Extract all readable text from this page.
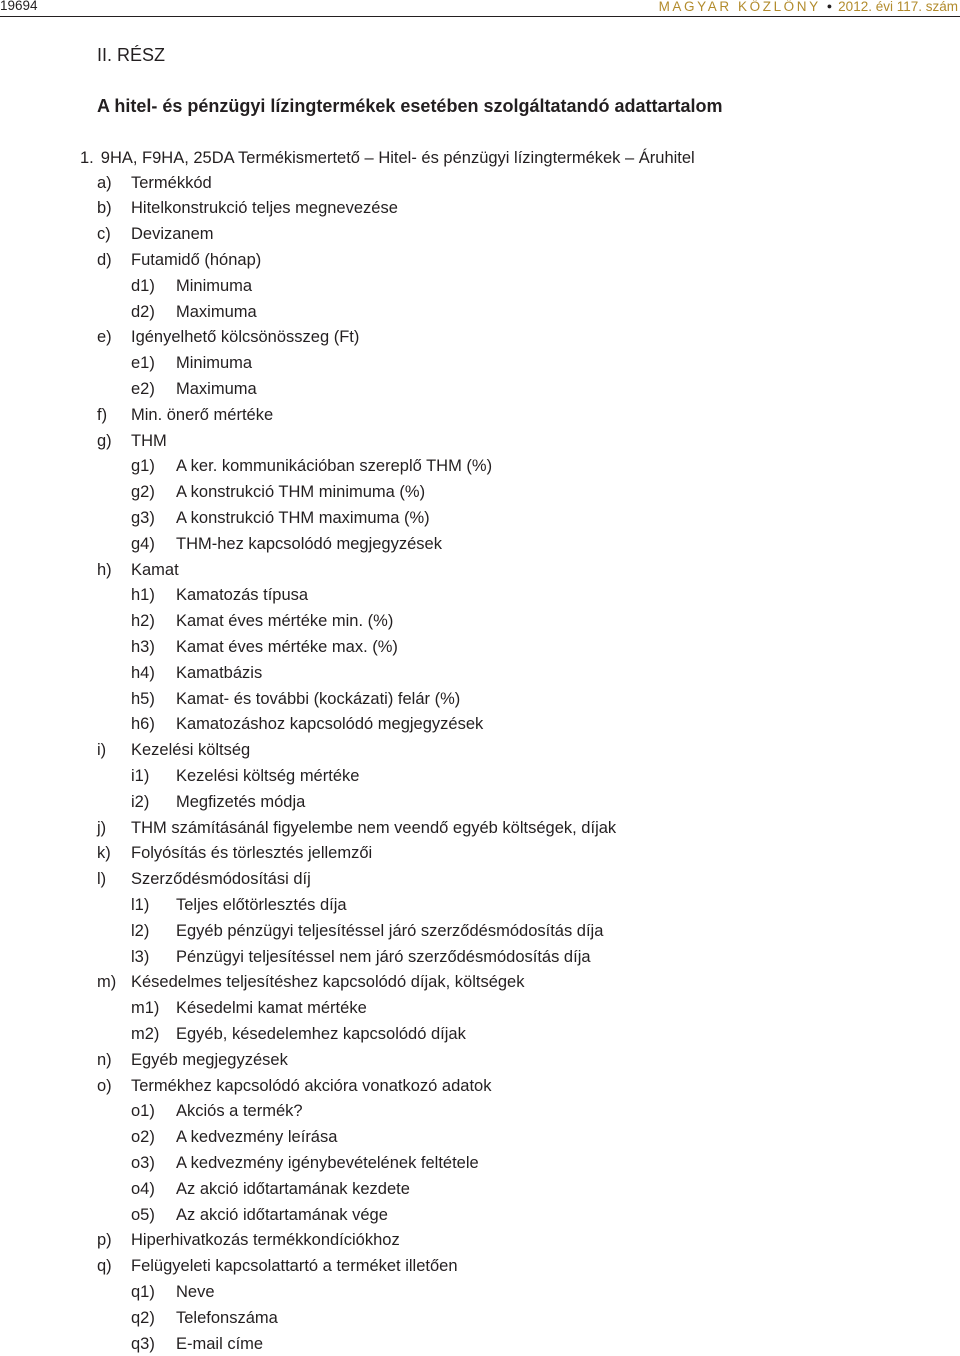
19694	MAGYAR KÖZLÖNY ● 2012. évi 117. szám
II. RÉSZ
A hitel- és pénzügyi lízingtermékek esetében szolgáltatandó adattartalom
1. 9HA, F9HA, 25DA Termékismertető – Hitel- és pénzügyi lízingtermékek – Áruhitel
a) Termékkód
b) Hitelkonstrukció teljes megnevezése
c) Devizanem
d) Futamidő (hónap)
d1) Minimuma
d2) Maximuma
e) Igényelhető kölcsönösszeg (Ft)
e1) Minimuma
e2) Maximuma
f) Min. önerő mértéke
g) THM
g1) A ker. kommunikációban szereplő THM (%)
g2) A konstrukció THM minimuma (%)
g3) A konstrukció THM maximuma (%)
g4) THM-hez kapcsolódó megjegyzések
h) Kamat
h1) Kamatozás típusa
h2) Kamat éves mértéke min. (%)
h3) Kamat éves mértéke max. (%)
h4) Kamatbázis
h5) Kamat- és további (kockázati) felár (%)
h6) Kamatozáshoz kapcsolódó megjegyzések
i) Kezelési költség
i1) Kezelési költség mértéke
i2) Megfizetés módja
j) THM számításánál figyelembe nem veendő egyéb költségek, díjak
k) Folyósítás és törlesztés jellemzői
l) Szerződésmódosítási díj
l1) Teljes előtörlesztés díja
l2) Egyéb pénzügyi teljesítéssel járó szerződésmódosítás díja
l3) Pénzügyi teljesítéssel nem járó szerződésmódosítás díja
m) Késedelmes teljesítéshez kapcsolódó díjak, költségek
m1) Késedelmi kamat mértéke
m2) Egyéb, késedelemhez kapcsolódó díjak
n) Egyéb megjegyzések
o) Termékhez kapcsolódó akcióra vonatkozó adatok
o1) Akciós a termék?
o2) A kedvezmény leírása
o3) A kedvezmény igénybevételének feltétele
o4) Az akció időtartamának kezdete
o5) Az akció időtartamának vége
p) Hiperhivatkozás termékkondíciókhoz
q) Felügyeleti kapcsolattartó a terméket illetően
q1) Neve
q2) Telefonszáma
q3) E-mail címe
